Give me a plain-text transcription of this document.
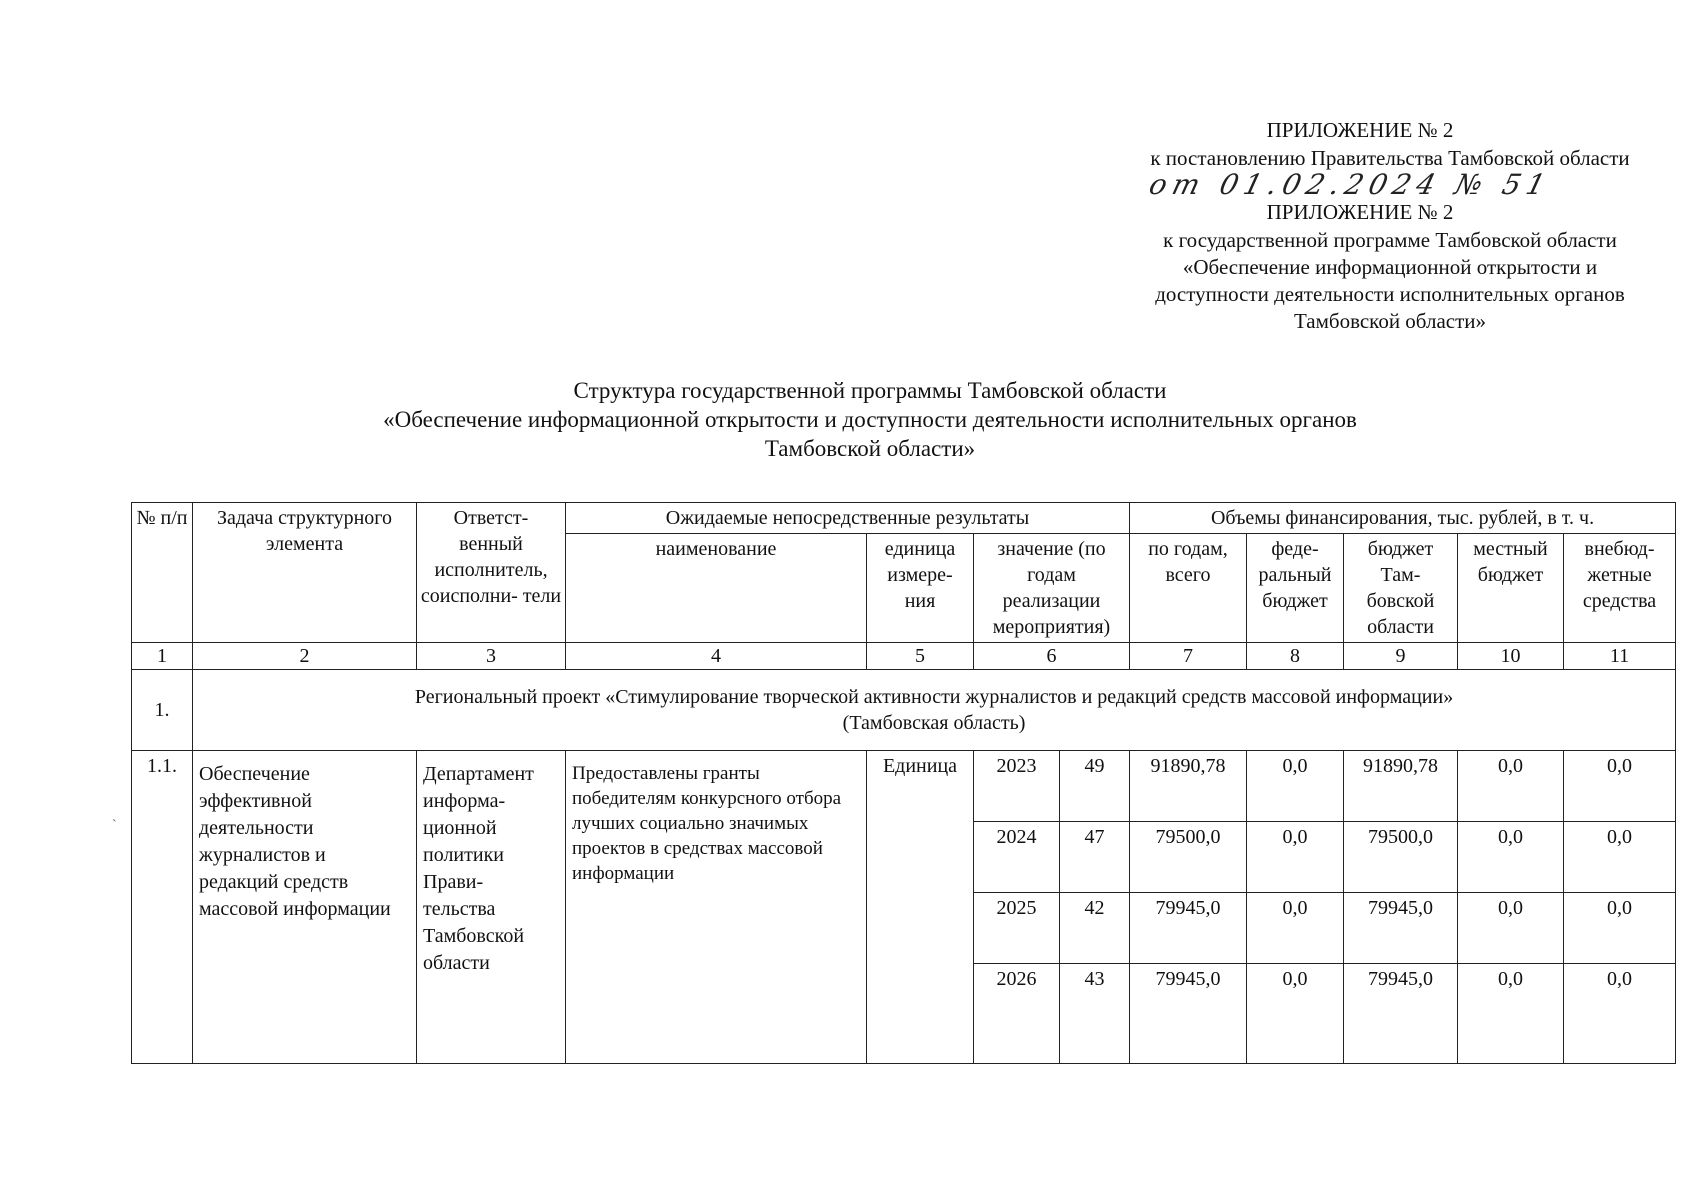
ПРИЛОЖЕНИЕ № 2
к постановлению Правительства Тамбовской области
от 01.02.2024 № 51
ПРИЛОЖЕНИЕ № 2
к государственной программе Тамбовской области
«Обеспечение информационной открытости и
доступности деятельности исполнительных органов
Тамбовской области»
Структура государственной программы Тамбовской области
«Обеспечение информационной открытости и доступности деятельности исполнительных органов
Тамбовской области»
ˋ
№ п/п	Задача структурного элемента	Ответст- венный исполнитель, соисполни- тели	Ожидаемые непосредственные результаты				Объемы финансирования, тыс. рублей, в т. ч.				
			наименование	единица измере- ния	значение (по годам реализации мероприятия)		по годам, всего	феде- ральный бюджет	бюджет Там- бовской области	местный бюджет	внебюд- жетные средства
1	2	3	4	5	6		7	8	9	10	11
1.	Региональный проект «Стимулирование творческой активности журналистов и редакций средств массовой информации»
(Тамбовская область)										

1.1.	Обеспечение эффективной деятельности журналистов и редакций средств массовой информации	Департамент информа- ционной политики Прави- тельства Тамбовской области	Предоставлены гранты победителям конкурсного отбора лучших социально значимых проектов в средствах массовой информации	Единица	2023	49	91890,78	0,0	91890,78	0,0	0,0
					2024	47	79500,0	0,0	79500,0	0,0	0,0
					2025	42	79945,0	0,0	79945,0	0,0	0,0
					2026	43	79945,0	0,0	79945,0	0,0	0,0
